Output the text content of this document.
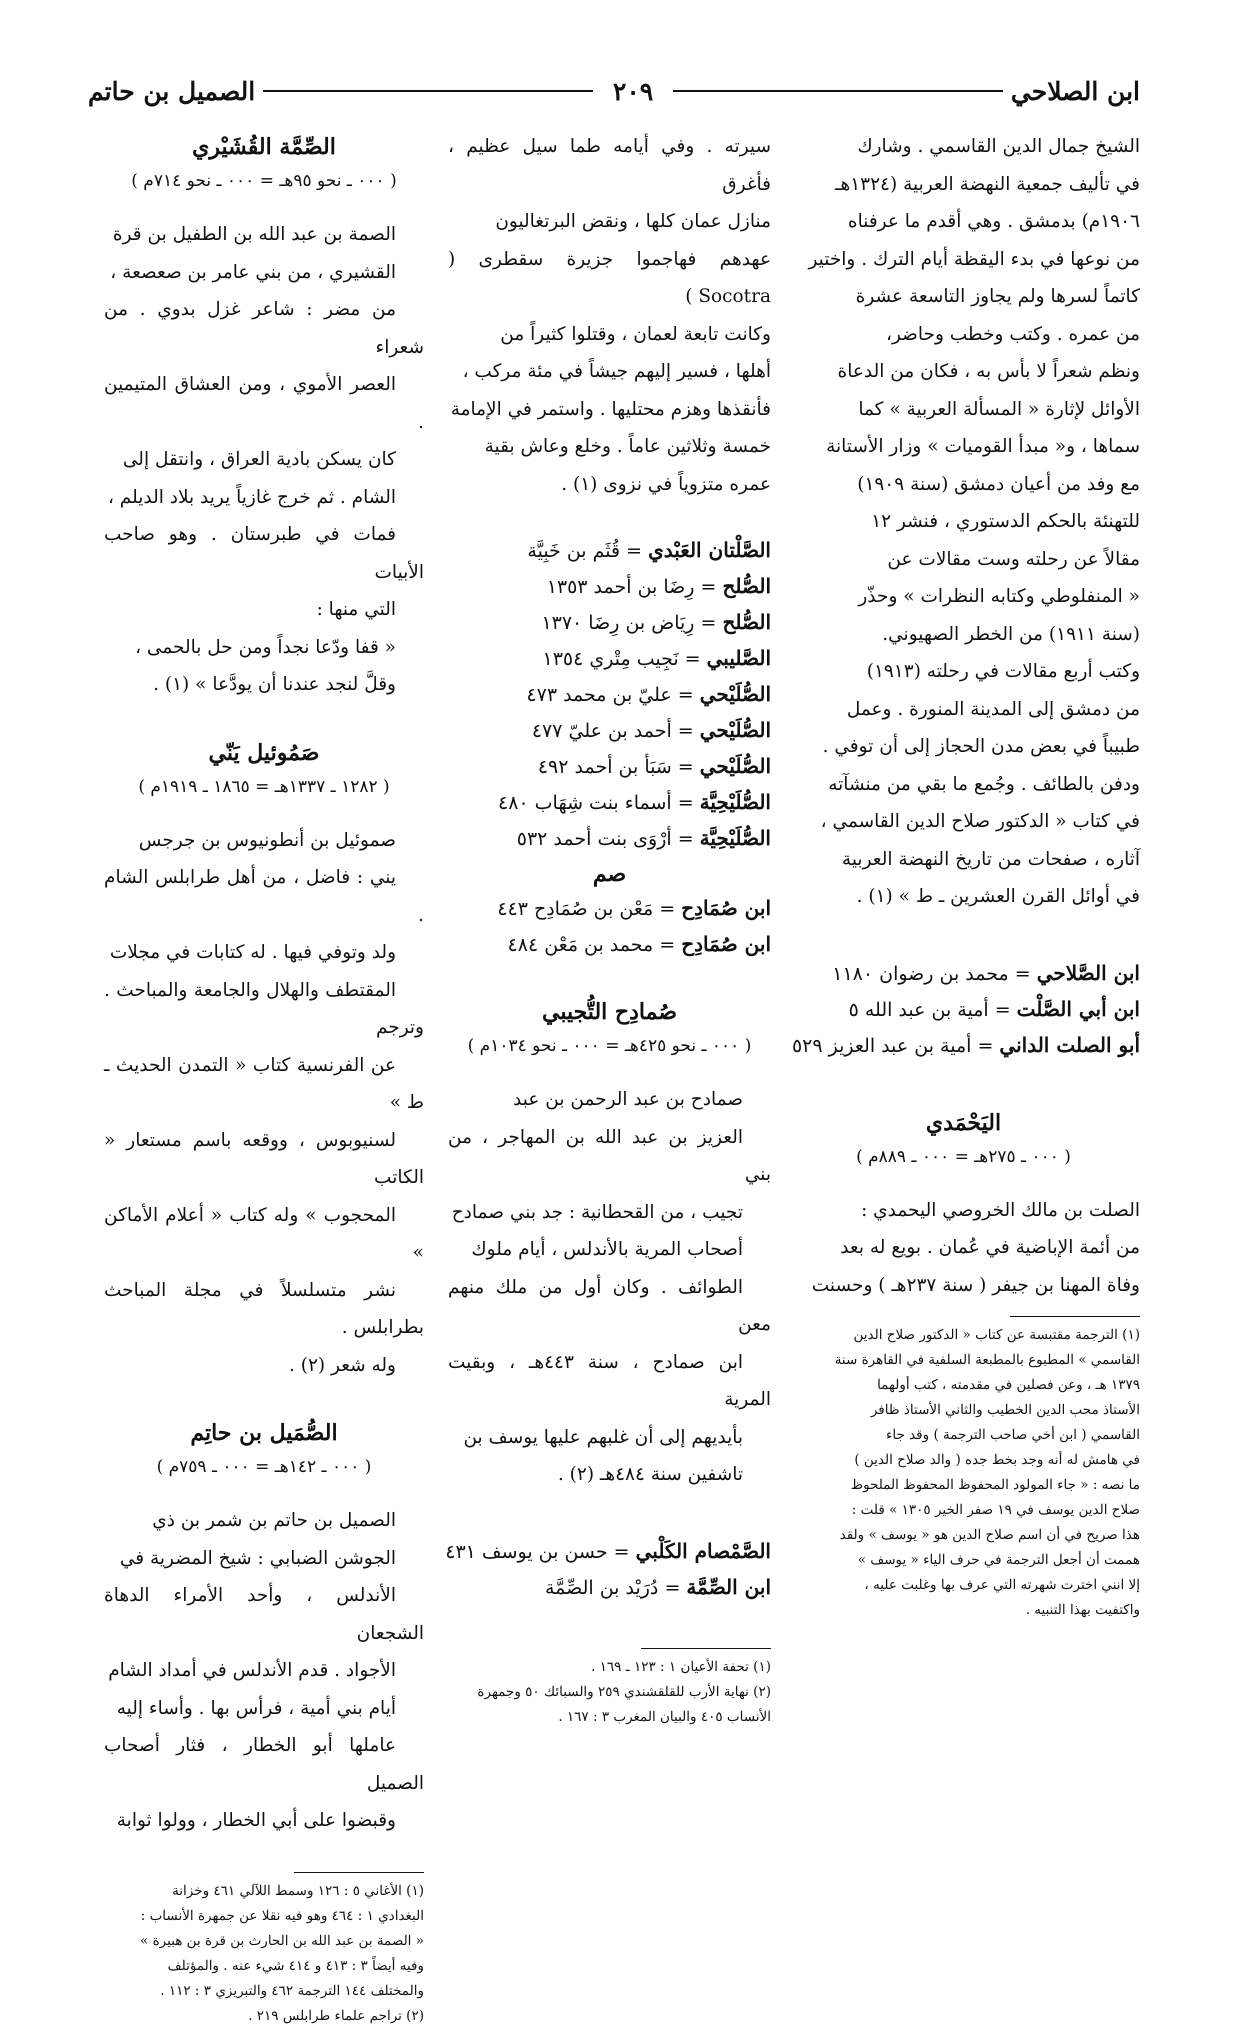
ابن الصلاحي
٢٠٩
الصميل بن حاتم
الشيخ جمال الدين القاسمي . وشارك
في تأليف جمعية النهضة العربية (١٣٢٤هـ
١٩٠٦م) بدمشق . وهي أقدم ما عرفناه
من نوعها في بدء اليقظة أيام الترك . واختير
كاتماً لسرها ولم يجاوز التاسعة عشرة
من عمره . وكتب وخطب وحاضر،
ونظم شعراً لا بأس به ، فكان من الدعاة
الأوائل لإثارة « المسألة العربية » كما
سماها ، و« مبدأ القوميات » وزار الأستانة
مع وفد من أعيان دمشق (سنة ١٩٠٩)
للتهنئة بالحكم الدستوري ، فنشر ١٢
مقالاً عن رحلته وست مقالات عن
« المنفلوطي وكتابه النظرات » وحذّر
(سنة ١٩١١) من الخطر الصهيوني.
وكتب أربع مقالات في رحلته (١٩١٣)
من دمشق إلى المدينة المنورة . وعمل
طبيباً في بعض مدن الحجاز إلى أن توفي .
ودفن بالطائف . وجُمع ما بقي من منشآته
في كتاب « الدكتور صلاح الدين القاسمي ،
آثاره ، صفحات من تاريخ النهضة العربية
في أوائل القرن العشرين ـ ط » (١) .

ابن الصَّلاحي = محمد بن رضوان ١١٨٠

ابن أبي الصَّلْت = أمية بن عبد الله ٥

أبو الصلت الداني = أمية بن عبد العزيز ٥٢٩

اليَحْمَدي

( ٠٠٠ ـ ٢٧٥هـ = ٠٠٠ ـ ٨٨٩م )

الصلت بن مالك الخروصي اليحمدي :
من أئمة الإباضية في عُمان . بويع له بعد
وفاة المهنا بن جيفر ( سنة ٢٣٧هـ ) وحسنت

(١) الترجمة مقتبسة عن كتاب « الدكتور صلاح الدين

القاسمي » المطبوع بالمطبعة السلفية في القاهرة سنة

١٣٧٩ هـ ، وعن فصلين في مقدمته ، كتب أولهما

الأستاذ محب الدين الخطيب والثاني الأستاذ ظافر

القاسمي ( ابن أخي صاحب الترجمة ) وقد جاء

في هامش له أنه وجد بخط جده ( والد صلاح الدين )

ما نصه : « جاء المولود المحفوظ المحفوظ الملحوظ

صلاح الدين يوسف في ١٩ صفر الخير ١٣٠٥ » قلت :

هذا صريح في أن اسم صلاح الدين هو « يوسف » ولقد

هممت أن أجعل الترجمة في حرف الياء « يوسف »

إلا انني اخترت شهرته التي عرف بها وغلبت عليه ،

واكتفيت بهذا التنبيه .

سيرته . وفي أيامه طما سيل عظيم ، فأغرق
منازل عمان كلها ، ونقض البرتغاليون
عهدهم فهاجموا جزيرة سقطرى ( Socotra )
وكانت تابعة لعمان ، وقتلوا كثيراً من
أهلها ، فسير إليهم جيشاً في مئة مركب ،
فأنقذها وهزم محتليها . واستمر في الإمامة
خمسة وثلاثين عاماً . وخلع وعاش بقية
عمره متزوياً في نزوى (١) .

الصَّلْتان العَبْدي = قُثَم بن خَبِيَّة

الصُّلح = رِضَا بن أحمد ١٣٥٣

الصُّلح = رِيَاض بن رِضَا ١٣٧٠

الصَّليبي = نَجِيب مِتْري ١٣٥٤

الصُّلَيْحي = عليّ بن محمد ٤٧٣

الصُّلَيْحي = أحمد بن عليّ ٤٧٧

الصُّلَيْحي = سَبَأ بن أحمد ٤٩٢

الصُّلَيْحِيَّة = أسماء بنت شِهَاب ٤٨٠

الصُّلَيْحِيَّة = أرْوَى بنت أحمد ٥٣٢

صم

ابن صُمَادِح = مَعْن بن صُمَادِح ٤٤٣

ابن صُمَادِح = محمد بن مَعْن ٤٨٤

صُمادِح التُّجيبي

( ٠٠٠ ـ نحو ٤٢٥هـ = ٠٠٠ ـ نحو ١٠٣٤م )

صمادح بن عبد الرحمن بن عبد
العزيز بن عبد الله بن المهاجر ، من بني
تجيب ، من القحطانية : جد بني صمادح
أصحاب المرية بالأندلس ، أيام ملوك
الطوائف . وكان أول من ملك منهم معن
ابن صمادح ، سنة ٤٤٣هـ ، وبقيت المرية
بأيديهم إلى أن غلبهم عليها يوسف بن
تاشفين سنة ٤٨٤هـ (٢) .

الصَّمْصام الكَلْبي = حسن بن يوسف ٤٣١

ابن الصِّمَّة = دُرَيْد بن الصِّمَّة

(١) تحفة الأعيان ١ : ١٢٣ ـ ١٦٩ .

(٢) نهاية الأرب للقلقشندي ٢٥٩ والسبائك ٥٠ وجمهرة

الأنساب ٤٠٥ والبيان المغرب ٣ : ١٦٧ .

الصِّمَّة القُشَيْري

( ٠٠٠ ـ نحو ٩٥هـ = ٠٠٠ ـ نحو ٧١٤م )

الصمة بن عبد الله بن الطفيل بن قرة
القشيري ، من بني عامر بن صعصعة ،
من مضر : شاعر غزل بدوي . من شعراء
العصر الأموي ، ومن العشاق المتيمين .
كان يسكن بادية العراق ، وانتقل إلى
الشام . ثم خرج غازياً يريد بلاد الديلم ،
فمات في طبرستان . وهو صاحب الأبيات
التي منها :
« قفا ودّعا نجداً ومن حل بالحمى ،
وقلَّ لنجد عندنا أن يودَّعا » (١) .

صَمُوئيل يَنّي

( ١٢٨٢ ـ ١٣٣٧هـ = ١٨٦٥ ـ ١٩١٩م )

صموئيل بن أنطونيوس بن جرجس
يني : فاضل ، من أهل طرابلس الشام .
ولد وتوفي فيها . له كتابات في مجلات
المقتطف والهلال والجامعة والمباحث . وترجم
عن الفرنسية كتاب « التمدن الحديث ـ ط »
لسنيوبوس ، ووقعه باسم مستعار « الكاتب
المحجوب » وله كتاب « أعلام الأماكن »
نشر متسلسلاً في مجلة المباحث بطرابلس .
وله شعر (٢) .

الصُّمَيل بن حاتِم

( ٠٠٠ ـ ١٤٢هـ = ٠٠٠ ـ ٧٥٩م )

الصميل بن حاتم بن شمر بن ذي
الجوشن الضبابي : شيخ المضرية في
الأندلس ، وأحد الأمراء الدهاة الشجعان
الأجواد . قدم الأندلس في أمداد الشام
أيام بني أمية ، فرأس بها . وأساء إليه
عاملها أبو الخطار ، فثار أصحاب الصميل
وقبضوا على أبي الخطار ، وولوا ثوابة

(١) الأغاني ٥ : ١٢٦ وسمط اللآلي ٤٦١ وخزانة

البغدادي ١ : ٤٦٤ وهو فيه نقلا عن جمهرة الأنساب :

« الصمة بن عبد الله بن الحارث بن قرة بن هبيرة »

وفيه أيضاً ٣ : ٤١٣ و ٤١٤ شيء عنه . والمؤتلف

والمختلف ١٤٤ الترجمة ٤٦٢ والتبريزي ٣ : ١١٢ .

(٢) تراجم علماء طرابلس ٢١٩ .
